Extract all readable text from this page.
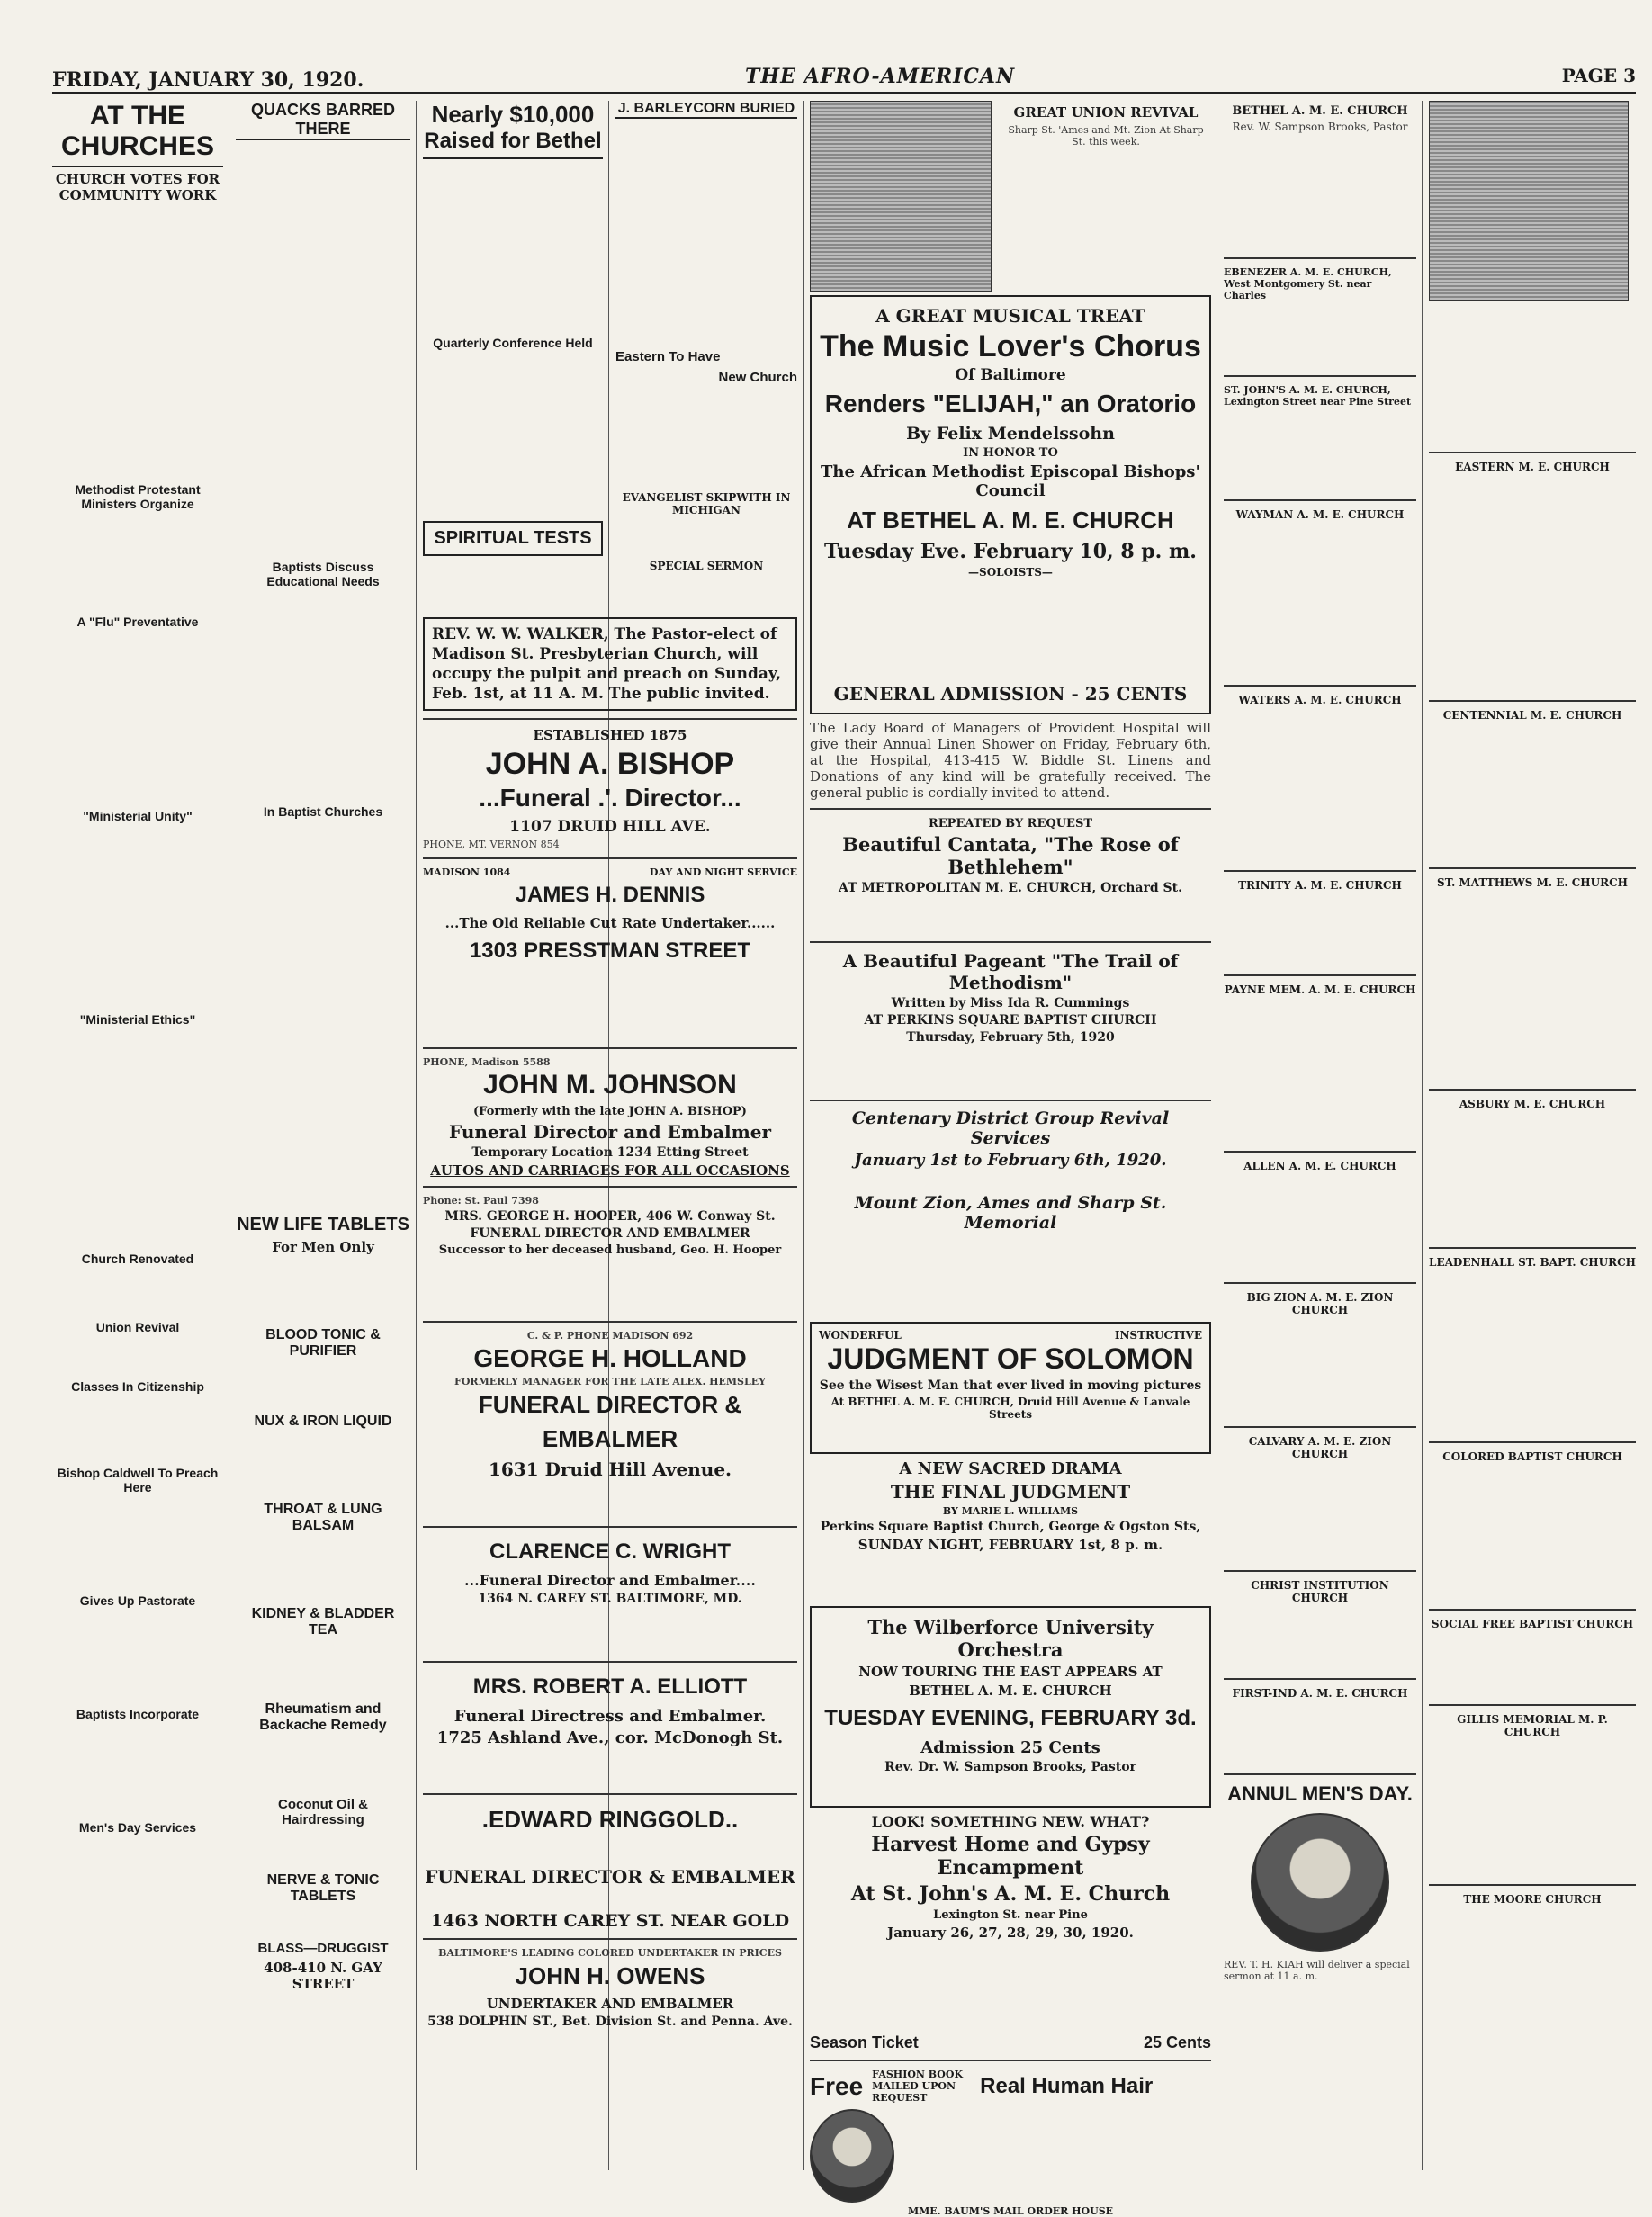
FRIDAY, JANUARY 30, 1920.	THE AFRO-AMERICAN	PAGE 3
AT THE CHURCHES
CHURCH VOTES FOR COMMUNITY WORK
Methodist Protestant Ministers Organize
A "Flu" Preventative
"Ministerial Unity"
"Ministerial Ethics"
Church Renovated
Union Revival
Classes In Citizenship
Bishop Caldwell To Preach Here
Gives Up Pastorate
Baptists Incorporate
Men's Day Services
QUACKS BARRED THERE
Baptists Discuss Educational Needs
In Baptist Churches
NEW LIFE TABLETS
For Men Only
BLOOD TONIC & PURIFIER
NUX & IRON LIQUID
THROAT & LUNG BALSAM
KIDNEY & BLADDER TEA
Rheumatism and Backache Remedy
Coconut Oil & Hairdressing
NERVE & TONIC TABLETS
BLASS—DRUGGIST
408-410 N. GAY STREET
Nearly $10,000
Raised for Bethel
Quarterly Conference Held
SPIRITUAL TESTS
J. BARLEYCORN BURIED
Eastern To Have
New Church
EVANGELIST SKIPWITH IN MICHIGAN
SPECIAL SERMON
REV. W. W. WALKER, The Pastor-elect of Madison St. Presbyterian Church, will occupy the pulpit and preach on Sunday, Feb. 1st, at 11 A. M. The public invited.
ESTABLISHED 1875
JOHN A. BISHOP
...Funeral .'. Director...
1107 DRUID HILL AVE.
PHONE, MT. VERNON 854
MADISON 1084	DAY AND NIGHT SERVICE
JAMES H. DENNIS
...The Old Reliable Cut Rate Undertaker......
1303 PRESSTMAN STREET
PHONE, Madison 5588
JOHN M. JOHNSON
(Formerly with the late JOHN A. BISHOP)
Funeral Director and Embalmer
Temporary Location 1234 Etting Street
AUTOS AND CARRIAGES FOR ALL OCCASIONS
Phone: St. Paul 7398
MRS. GEORGE H. HOOPER, 406 W. Conway St.
FUNERAL DIRECTOR AND EMBALMER
Successor to her deceased husband, Geo. H. Hooper
C. & P. PHONE MADISON 692
GEORGE H. HOLLAND
FORMERLY MANAGER FOR THE LATE ALEX. HEMSLEY
FUNERAL DIRECTOR & EMBALMER
1631 Druid Hill Avenue.
CLARENCE C. WRIGHT
...Funeral Director and Embalmer....
1364 N. CAREY ST. BALTIMORE, MD.
MRS. ROBERT A. ELLIOTT
Funeral Directress and Embalmer.
1725 Ashland Ave., cor. McDonogh St.
.EDWARD RINGGOLD..
FUNERAL DIRECTOR & EMBALMER
1463 NORTH CAREY ST. NEAR GOLD
BALTIMORE'S LEADING COLORED UNDERTAKER IN PRICES
JOHN H. OWENS
UNDERTAKER AND EMBALMER
538 DOLPHIN ST., Bet. Division St. and Penna. Ave.
GREAT UNION REVIVAL
Sharp St. 'Ames and Mt. Zion At Sharp St. this week.
A GREAT MUSICAL TREAT
The Music Lover's Chorus
Of Baltimore
Renders "ELIJAH," an Oratorio
By Felix Mendelssohn
IN HONOR TO
The African Methodist Episcopal Bishops' Council
AT BETHEL A. M. E. CHURCH
Tuesday Eve. February 10, 8 p. m.
—SOLOISTS—
GENERAL ADMISSION - 25 CENTS
The Lady Board of Managers of Provident Hospital will give their Annual Linen Shower on Friday, February 6th, at the Hospital, 413-415 W. Biddle St. Linens and Donations of any kind will be gratefully received. The general public is cordially invited to attend.
REPEATED BY REQUEST
Beautiful Cantata, "The Rose of Bethlehem"
AT METROPOLITAN M. E. CHURCH, Orchard St.
A Beautiful Pageant "The Trail of Methodism"
Written by Miss Ida R. Cummings
AT PERKINS SQUARE BAPTIST CHURCH
Thursday, February 5th, 1920
Centenary District Group Revival Services
January 1st to February 6th, 1920.
Mount Zion, Ames and Sharp St. Memorial
WONDERFUL	INSTRUCTIVE
JUDGMENT OF SOLOMON
See the Wisest Man that ever lived in moving pictures
At BETHEL A. M. E. CHURCH, Druid Hill Avenue & Lanvale Streets
A NEW SACRED DRAMA
THE FINAL JUDGMENT
BY MARIE L. WILLIAMS
Perkins Square Baptist Church, George & Ogston Sts,
SUNDAY NIGHT, FEBRUARY 1st, 8 p. m.
The Wilberforce University Orchestra
NOW TOURING THE EAST APPEARS AT
BETHEL A. M. E. CHURCH
TUESDAY EVENING, FEBRUARY 3d.
Admission 25 Cents
Rev. Dr. W. Sampson Brooks, Pastor
LOOK! SOMETHING NEW. WHAT?
Harvest Home and Gypsy Encampment
At St. John's A. M. E. Church
Lexington St. near Pine
January 26, 27, 28, 29, 30, 1920.
Season Ticket	25 Cents
Free FASHION BOOK MAILED UPON REQUEST	Real Human Hair
MME. BAUM'S MAIL ORDER HOUSE
BETHEL A. M. E. CHURCH
Rev. W. Sampson Brooks, Pastor
EBENEZER A. M. E. CHURCH, West Montgomery St. near Charles
ST. JOHN'S A. M. E. CHURCH, Lexington Street near Pine Street
WAYMAN A. M. E. CHURCH
WATERS A. M. E. CHURCH
TRINITY A. M. E. CHURCH
PAYNE MEM. A. M. E. CHURCH
ALLEN A. M. E. CHURCH
BIG ZION A. M. E. ZION CHURCH
CALVARY A. M. E. ZION CHURCH
CHRIST INSTITUTION CHURCH
FIRST-IND A. M. E. CHURCH
ANNUL MEN'S DAY.
REV. T. H. KIAH will deliver a special sermon at 11 a. m.
EASTERN M. E. CHURCH
CENTENNIAL M. E. CHURCH
ST. MATTHEWS M. E. CHURCH
ASBURY M. E. CHURCH
LEADENHALL ST. BAPT. CHURCH
COLORED BAPTIST CHURCH
SOCIAL FREE BAPTIST CHURCH
GILLIS MEMORIAL M. P. CHURCH
THE MOORE CHURCH
